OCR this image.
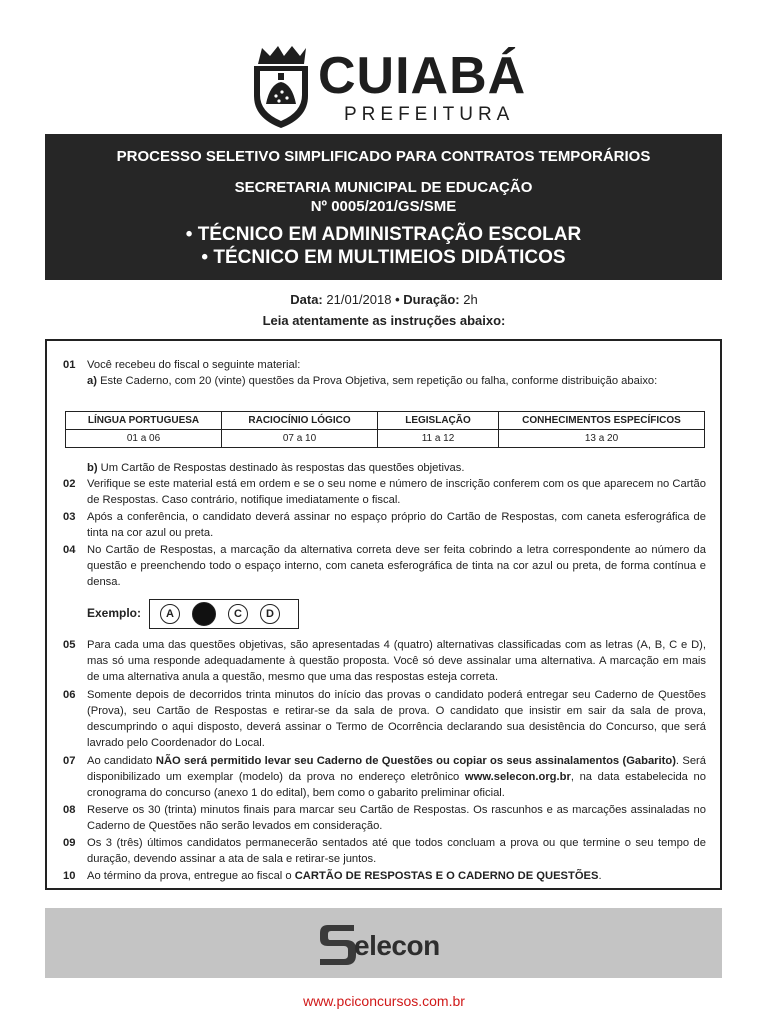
CUIABÁ
PREFEITURA
PROCESSO SELETIVO SIMPLIFICADO PARA CONTRATOS TEMPORÁRIOS
SECRETARIA MUNICIPAL DE EDUCAÇÃO
Nº 0005/201/GS/SME
• TÉCNICO EM ADMINISTRAÇÃO ESCOLAR
• TÉCNICO EM MULTIMEIOS DIDÁTICOS
Data: 21/01/2018 • Duração: 2h
Leia atentamente as instruções abaixo:
01 Você recebeu do fiscal o seguinte material:
a) Este Caderno, com 20 (vinte) questões da Prova Objetiva, sem repetição ou falha, conforme distribuição abaixo:
LÍNGUA PORTUGUESA	RACIOCÍNIO LÓGICO	LEGISLAÇÃO	CONHECIMENTOS ESPECÍFICOS
01 a 06	07 a 10	11 a 12	13 a 20
b) Um Cartão de Respostas destinado às respostas das questões objetivas.
02 Verifique se este material está em ordem e se o seu nome e número de inscrição conferem com os que aparecem no Cartão de Respostas. Caso contrário, notifique imediatamente o fiscal.
03 Após a conferência, o candidato deverá assinar no espaço próprio do Cartão de Respostas, com caneta esferográfica de tinta na cor azul ou preta.
04 No Cartão de Respostas, a marcação da alternativa correta deve ser feita cobrindo a letra correspondente ao número da questão e preenchendo todo o espaço interno, com caneta esferográfica de tinta na cor azul ou preta, de forma contínua e densa.
Exemplo:	A	C	D
05 Para cada uma das questões objetivas, são apresentadas 4 (quatro) alternativas classificadas com as letras (A, B, C e D), mas só uma responde adequadamente à questão proposta. Você só deve assinalar uma alternativa. A marcação em mais de uma alternativa anula a questão, mesmo que uma das respostas esteja correta.
06 Somente depois de decorridos trinta minutos do início das provas o candidato poderá entregar seu Caderno de Questões (Prova), seu Cartão de Respostas e retirar-se da sala de prova. O candidato que insistir em sair da sala de prova, descumprindo o aqui disposto, deverá assinar o Termo de Ocorrência declarando sua desistência do Concurso, que será lavrado pelo Coordenador do Local.
07 Ao candidato NÃO será permitido levar seu Caderno de Questões ou copiar os seus assinalamentos (Gabarito). Será disponibilizado um exemplar (modelo) da prova no endereço eletrônico www.selecon.org.br, na data estabelecida no cronograma do concurso (anexo 1 do edital), bem como o gabarito preliminar oficial.
08 Reserve os 30 (trinta) minutos finais para marcar seu Cartão de Respostas. Os rascunhos e as marcações assinaladas no Caderno de Questões não serão levados em consideração.
09 Os 3 (três) últimos candidatos permanecerão sentados até que todos concluam a prova ou que termine o seu tempo de duração, devendo assinar a ata de sala e retirar-se juntos.
10 Ao término da prova, entregue ao fiscal o CARTÃO DE RESPOSTAS E O CADERNO DE QUESTÕES.
elecon
www.pciconcursos.com.br
